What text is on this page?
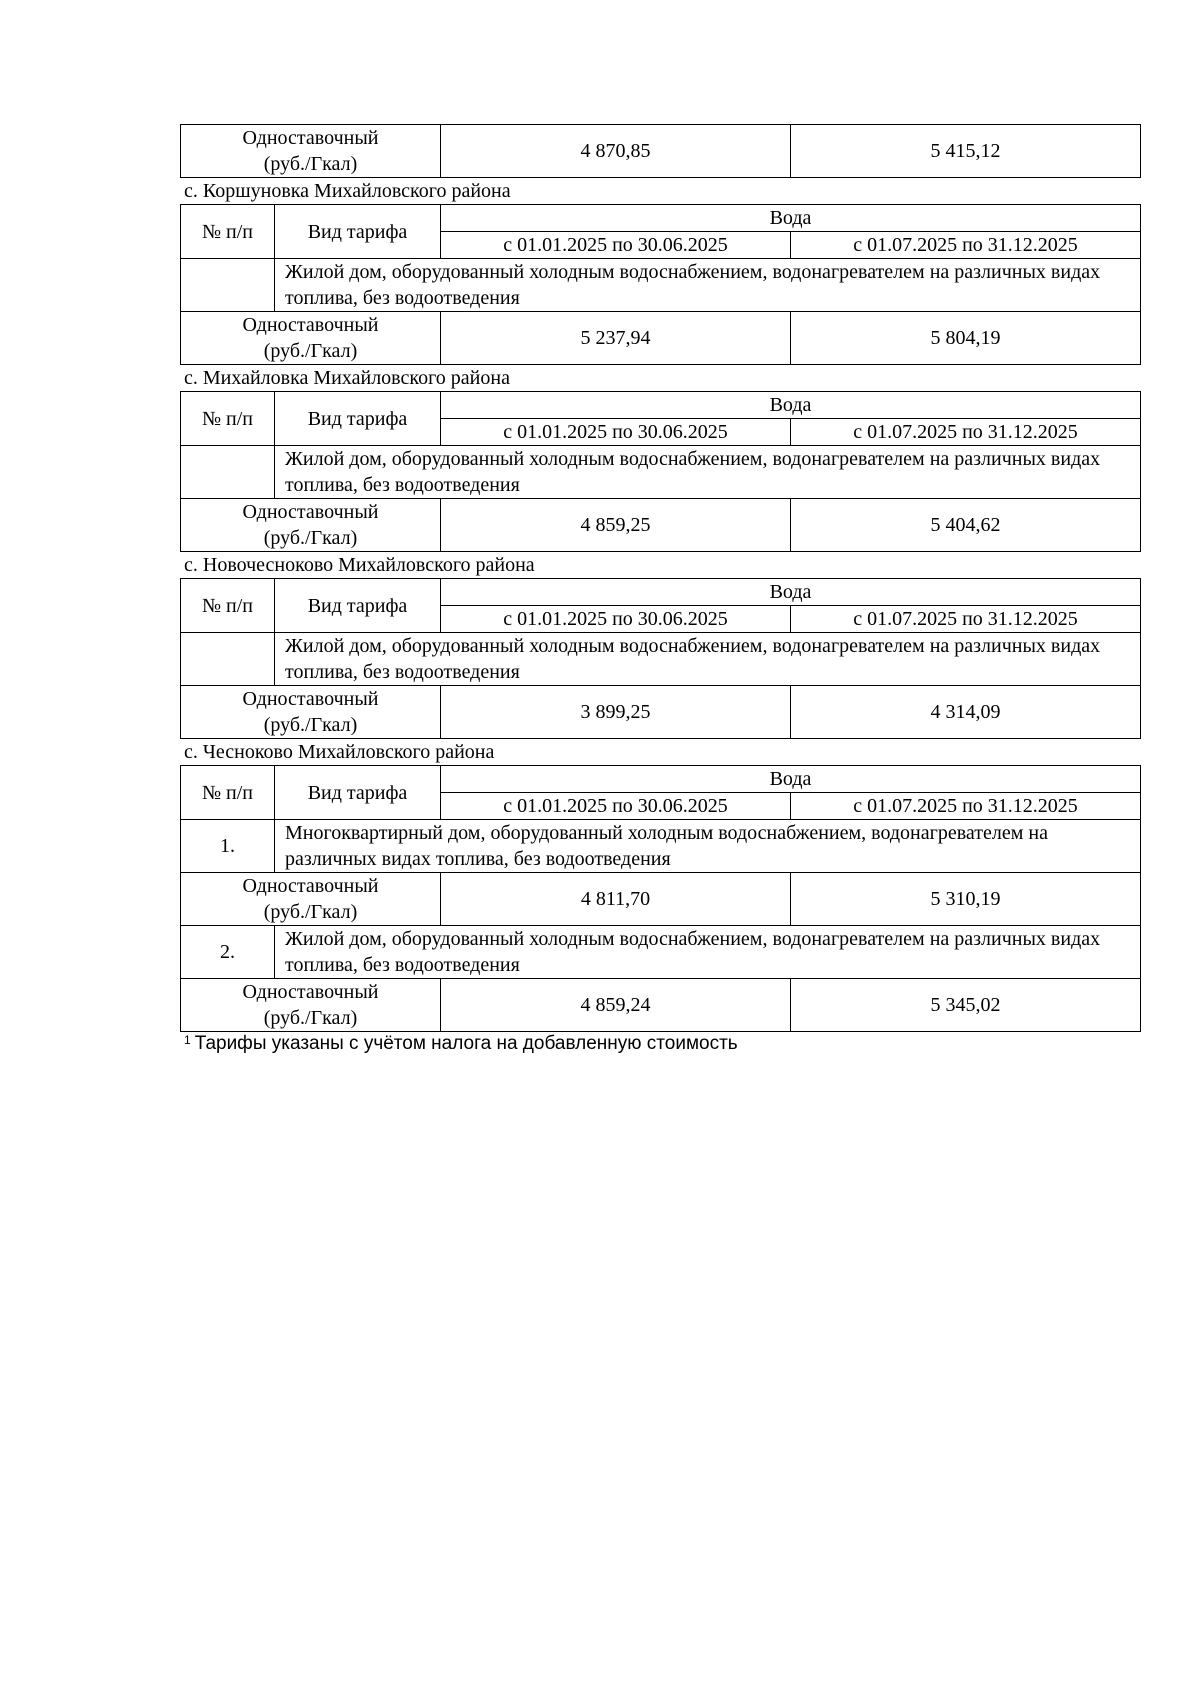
Одноставочный
(руб./Гкал)
	4 870,85	5 415,12
с. Коршуновка Михайловского района
№ п/п	Вид тарифа	Вода	
		с 01.01.2025 по 30.06.2025	с 01.07.2025 по 31.12.2025
	Жилой дом, оборудованный холодным водоснабжением, водонагревателем на различных видах топлива, без водоотведения		

Одноставочный
(руб./Гкал)		5 237,94	5 804,19
с. Михайловка Михайловского района
№ п/п	Вид тарифа	Вода	
		с 01.01.2025 по 30.06.2025	с 01.07.2025 по 31.12.2025
	Жилой дом, оборудованный холодным водоснабжением, водонагревателем на различных видах топлива, без водоотведения		

Одноставочный
(руб./Гкал)		4 859,25	5 404,62
с. Новочесноково Михайловского района
№ п/п	Вид тарифа	Вода	
		с 01.01.2025 по 30.06.2025	с 01.07.2025 по 31.12.2025
	Жилой дом, оборудованный холодным водоснабжением, водонагревателем на различных видах топлива, без водоотведения		

Одноставочный
(руб./Гкал)		3 899,25	4 314,09
с. Чесноково Михайловского района
№ п/п	Вид тарифа	Вода	
		с 01.01.2025 по 30.06.2025	с 01.07.2025 по 31.12.2025
1.	Многоквартирный дом, оборудованный холодным водоснабжением, водонагревателем на различных видах топлива, без водоотведения		

Одноставочный
(руб./Гкал)		4 811,70	5 310,19
2.	Жилой дом, оборудованный холодным водоснабжением, водонагревателем на различных видах топлива, без водоотведения		

Одноставочный
(руб./Гкал)		4 859,24	5 345,02
$^1$ Тарифы указаны с учётом налога на добавленную стоимость
